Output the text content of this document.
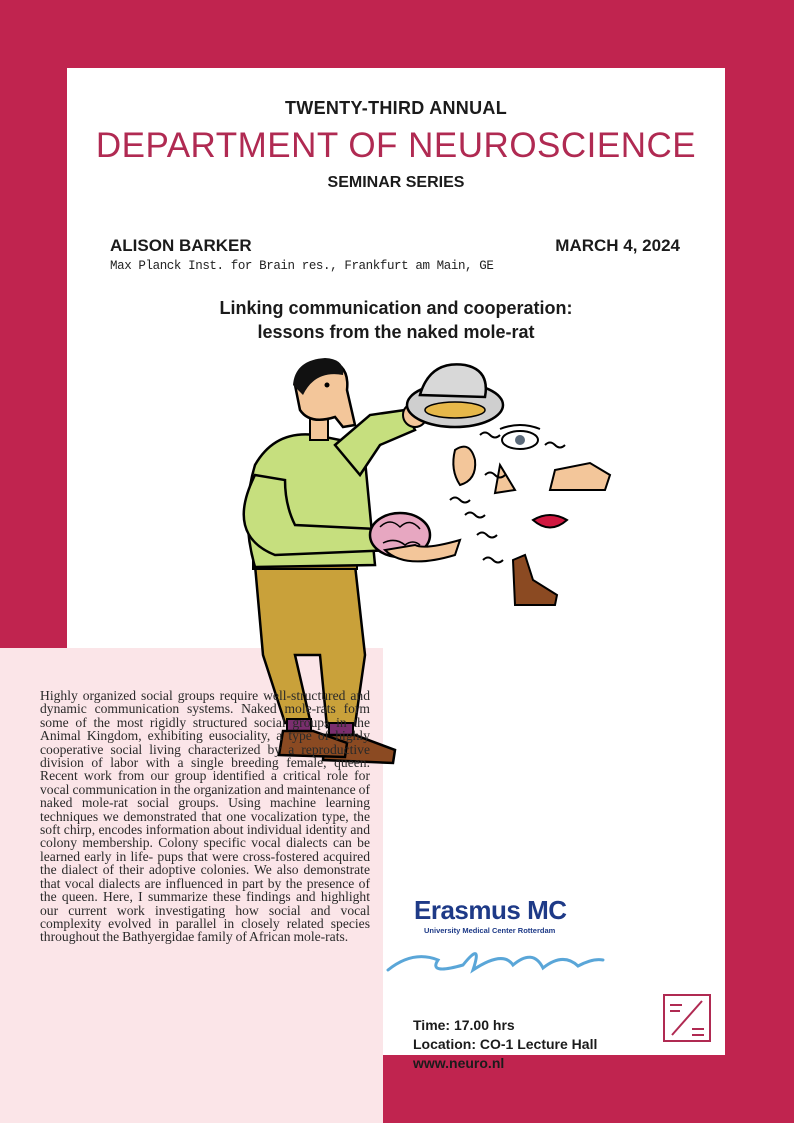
TWENTY-THIRD ANNUAL
DEPARTMENT OF NEUROSCIENCE
SEMINAR SERIES
ALISON BARKER
Max Planck Inst. for Brain res., Frankfurt am Main, GE
MARCH 4, 2024
Linking communication and cooperation:
lessons from the naked mole-rat
Highly organized social groups require well-structured and dynamic communication systems. Naked mole-rats form some of the most rigidly structured social groups in the Animal Kingdom, exhibiting eusociality, a type of highly cooperative social living characterized by a reproductive division of labor with a single breeding female, queen. Recent work from our group identified a critical role for vocal communication in the organization and maintenance of naked mole-rat social groups. Using machine learning techniques we demonstrated that one vocalization type, the soft chirp, encodes information about individual identity and colony membership. Colony specific vocal dialects can be learned early in life- pups that were cross-fostered acquired the dialect of their adoptive colonies. We also demonstrate that vocal dialects are influenced in part by the presence of the queen. Here, I summarize these findings and highlight our current work investigating how social and vocal complexity evolved in parallel in closely related species throughout the Bathyergidae family of African mole-rats.
Erasmus MC
University Medical Center Rotterdam
Time: 17.00 hrs
Location: CO-1 Lecture Hall
www.neuro.nl
